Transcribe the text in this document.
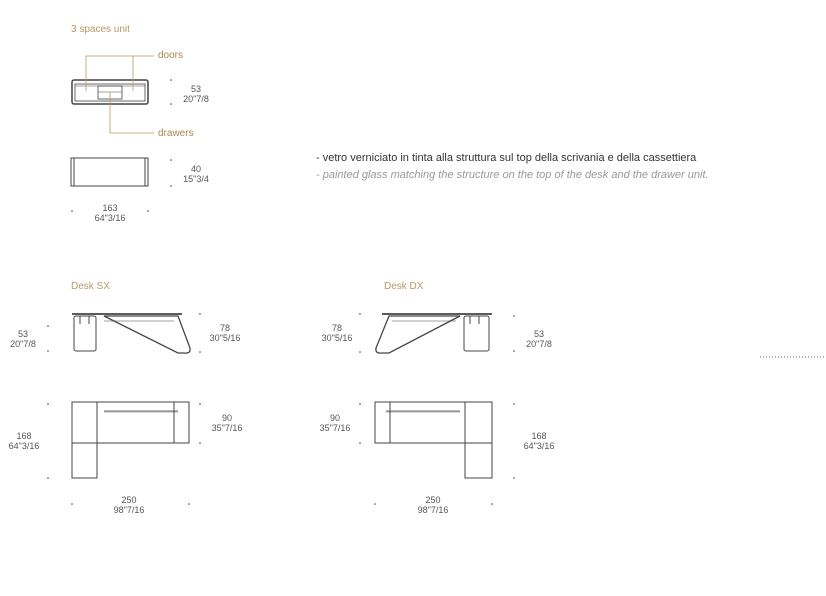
3 spaces unit
doors
drawers
53
20"7/8
40
15"3/4
163
64"3/16
- vetro verniciato in tinta alla struttura sul top della scrivania e della cassettiera
- painted glass matching the structure on the top of the desk and the drawer unit.
Desk SX
53
20"7/8
78
30"5/16
168
64"3/16
90
35"7/16
250
98"7/16
Desk DX
78
30"5/16	53
20"7/8
90
35"7/16
168
64"3/16
250
98"7/16
